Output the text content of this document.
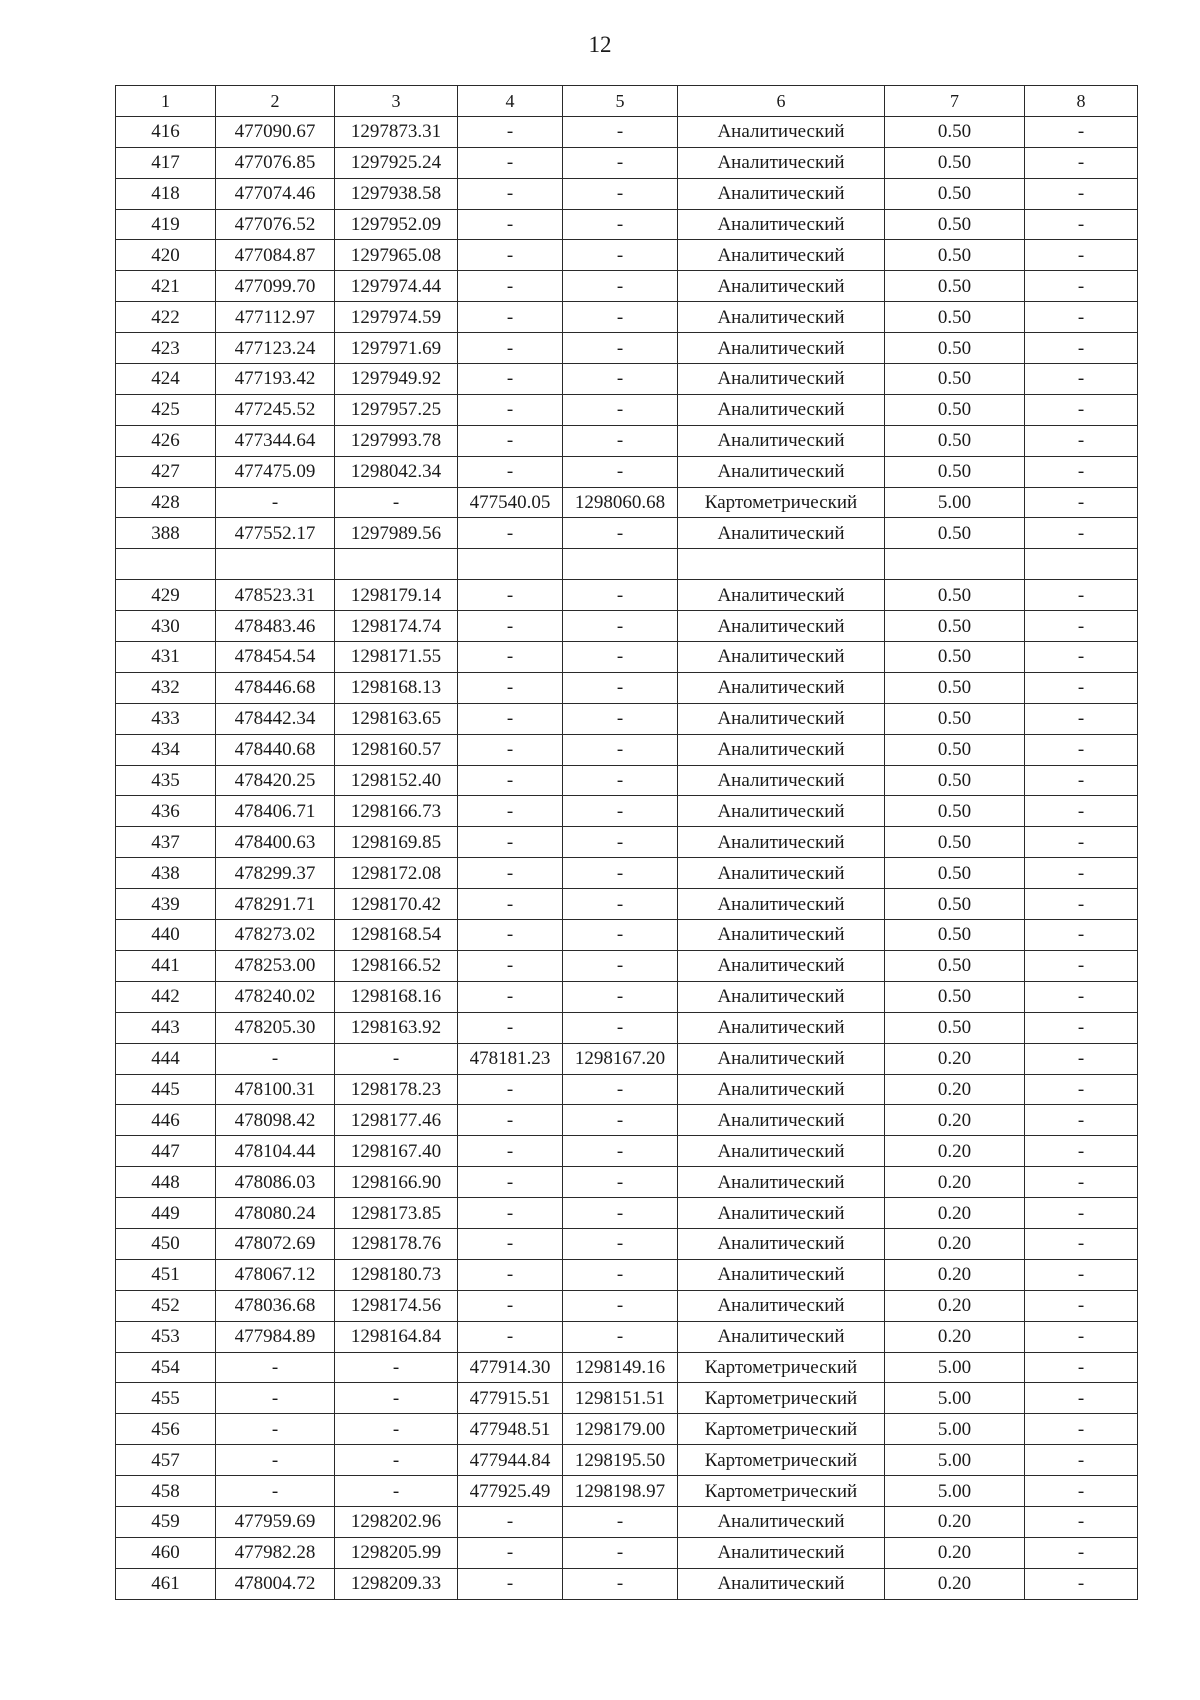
12
1	2	3	4	5	6	7	8
416	477090.67	1297873.31	-	-	Аналитический	0.50	-
417	477076.85	1297925.24	-	-	Аналитический	0.50	-
418	477074.46	1297938.58	-	-	Аналитический	0.50	-
419	477076.52	1297952.09	-	-	Аналитический	0.50	-
420	477084.87	1297965.08	-	-	Аналитический	0.50	-
421	477099.70	1297974.44	-	-	Аналитический	0.50	-
422	477112.97	1297974.59	-	-	Аналитический	0.50	-
423	477123.24	1297971.69	-	-	Аналитический	0.50	-
424	477193.42	1297949.92	-	-	Аналитический	0.50	-
425	477245.52	1297957.25	-	-	Аналитический	0.50	-
426	477344.64	1297993.78	-	-	Аналитический	0.50	-
427	477475.09	1298042.34	-	-	Аналитический	0.50	-
428	-	-	477540.05	1298060.68	Картометрический	5.00	-
388	477552.17	1297989.56	-	-	Аналитический	0.50	-

429	478523.31	1298179.14	-	-	Аналитический	0.50	-
430	478483.46	1298174.74	-	-	Аналитический	0.50	-
431	478454.54	1298171.55	-	-	Аналитический	0.50	-
432	478446.68	1298168.13	-	-	Аналитический	0.50	-
433	478442.34	1298163.65	-	-	Аналитический	0.50	-
434	478440.68	1298160.57	-	-	Аналитический	0.50	-
435	478420.25	1298152.40	-	-	Аналитический	0.50	-
436	478406.71	1298166.73	-	-	Аналитический	0.50	-
437	478400.63	1298169.85	-	-	Аналитический	0.50	-
438	478299.37	1298172.08	-	-	Аналитический	0.50	-
439	478291.71	1298170.42	-	-	Аналитический	0.50	-
440	478273.02	1298168.54	-	-	Аналитический	0.50	-
441	478253.00	1298166.52	-	-	Аналитический	0.50	-
442	478240.02	1298168.16	-	-	Аналитический	0.50	-
443	478205.30	1298163.92	-	-	Аналитический	0.50	-
444	-	-	478181.23	1298167.20	Аналитический	0.20	-
445	478100.31	1298178.23	-	-	Аналитический	0.20	-
446	478098.42	1298177.46	-	-	Аналитический	0.20	-
447	478104.44	1298167.40	-	-	Аналитический	0.20	-
448	478086.03	1298166.90	-	-	Аналитический	0.20	-
449	478080.24	1298173.85	-	-	Аналитический	0.20	-
450	478072.69	1298178.76	-	-	Аналитический	0.20	-
451	478067.12	1298180.73	-	-	Аналитический	0.20	-
452	478036.68	1298174.56	-	-	Аналитический	0.20	-
453	477984.89	1298164.84	-	-	Аналитический	0.20	-
454	-	-	477914.30	1298149.16	Картометрический	5.00	-
455	-	-	477915.51	1298151.51	Картометрический	5.00	-
456	-	-	477948.51	1298179.00	Картометрический	5.00	-
457	-	-	477944.84	1298195.50	Картометрический	5.00	-
458	-	-	477925.49	1298198.97	Картометрический	5.00	-
459	477959.69	1298202.96	-	-	Аналитический	0.20	-
460	477982.28	1298205.99	-	-	Аналитический	0.20	-
461	478004.72	1298209.33	-	-	Аналитический	0.20	-
